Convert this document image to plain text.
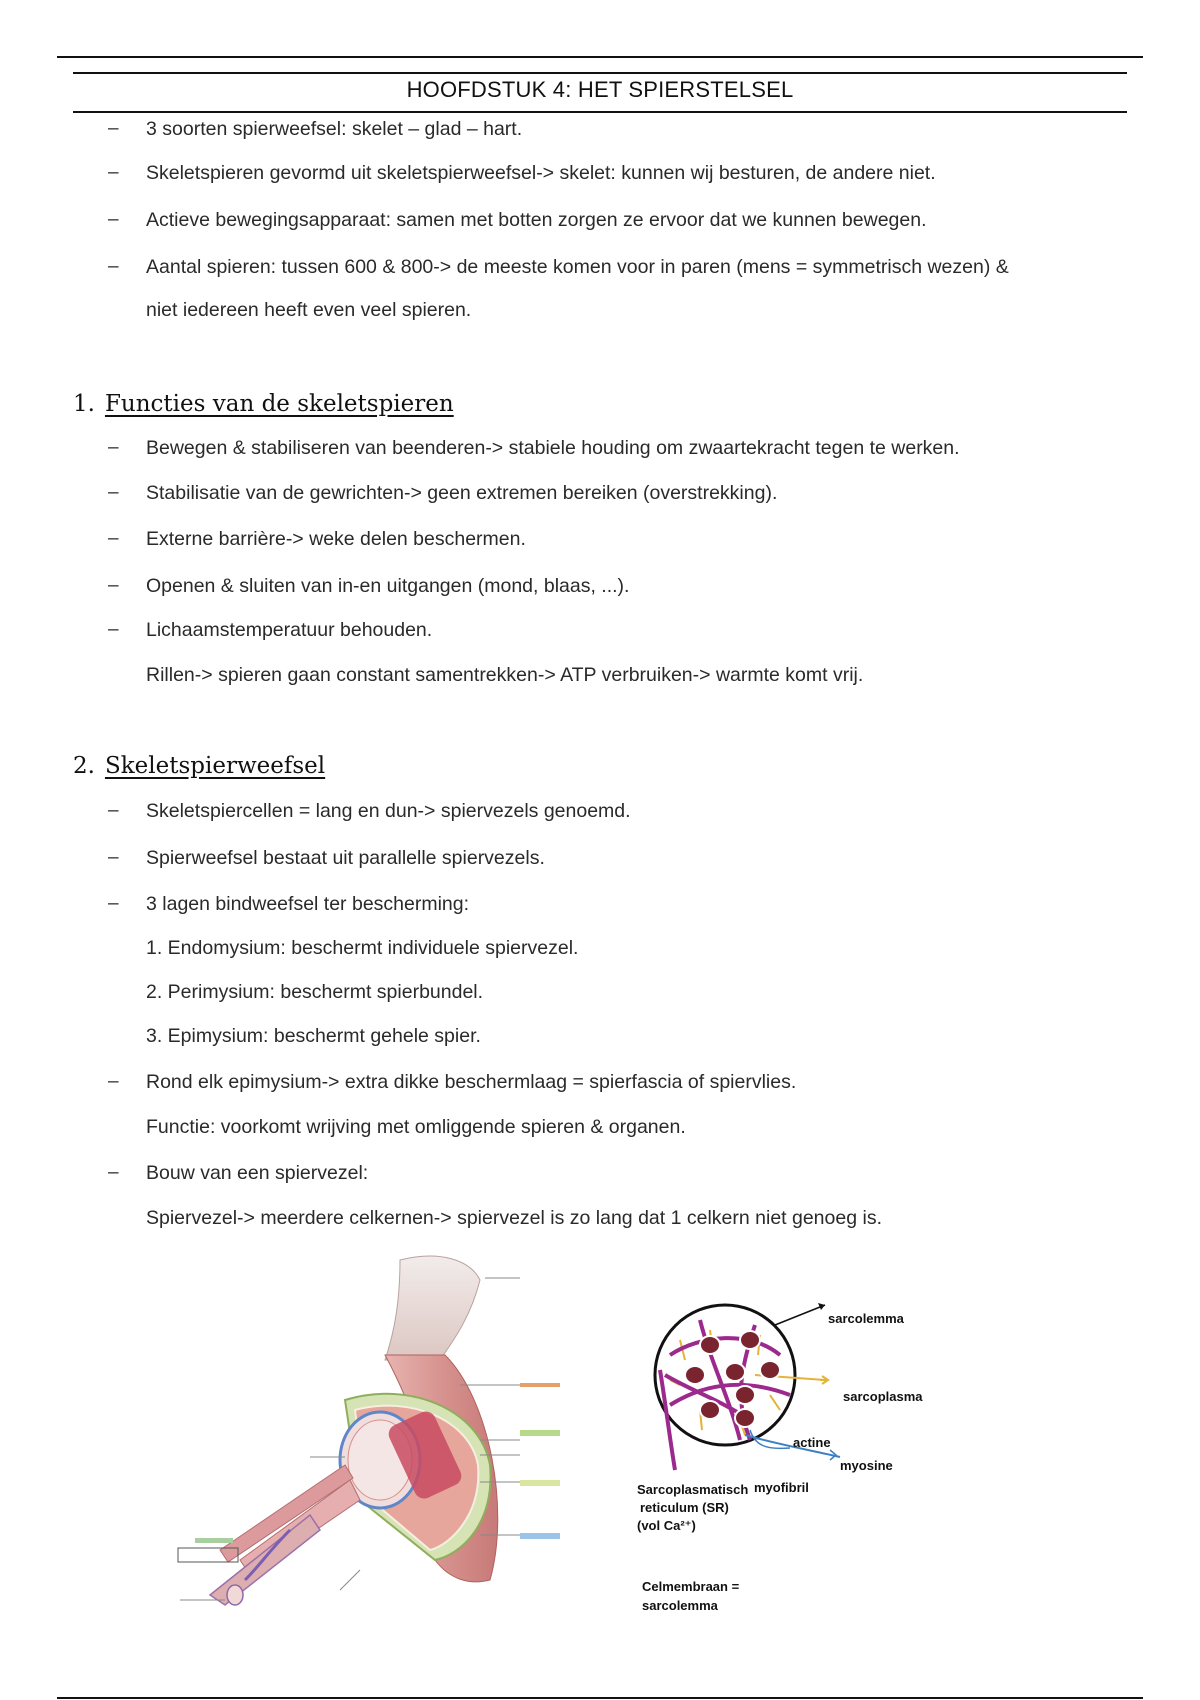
HOOFDSTUK 4: HET SPIERSTELSEL
– 3 soorten spierweefsel: skelet – glad – hart.
– Skeletspieren gevormd uit skeletspierweefsel-> skelet: kunnen wij besturen, de andere niet.
– Actieve bewegingsapparaat: samen met botten zorgen ze ervoor dat we kunnen bewegen.
– Aantal spieren: tussen 600 & 800-> de meeste komen voor in paren (mens = symmetrisch wezen) &
niet iedereen heeft even veel spieren.
1. Functies van de skeletspieren
– Bewegen & stabiliseren van beenderen-> stabiele houding om zwaartekracht tegen te werken.
– Stabilisatie van de gewrichten-> geen extremen bereiken (overstrekking).
– Externe barrière-> weke delen beschermen.
– Openen & sluiten van in-en uitgangen (mond, blaas, ...).
– Lichaamstemperatuur behouden.
Rillen-> spieren gaan constant samentrekken-> ATP verbruiken-> warmte komt vrij.
2. Skeletspierweefsel
– Skeletspiercellen = lang en dun-> spiervezels genoemd.
– Spierweefsel bestaat uit parallelle spiervezels.
– 3 lagen bindweefsel ter bescherming:
1. Endomysium: beschermt individuele spiervezel.
2. Perimysium: beschermt spierbundel.
3. Epimysium: beschermt gehele spier.
– Rond elk epimysium-> extra dikke beschermlaag = spierfascia of spiervlies.
Functie: voorkomt wrijving met omliggende spieren & organen.
– Bouw van een spiervezel:
Spiervezel-> meerdere celkernen-> spiervezel is zo lang dat 1 celkern niet genoeg is.
sarcolemma
sarcoplasma
actine
myosine
Sarcoplasmatisch myofibril
reticulum (SR)
(vol Ca²⁺)
Celmembraan =
sarcolemma
